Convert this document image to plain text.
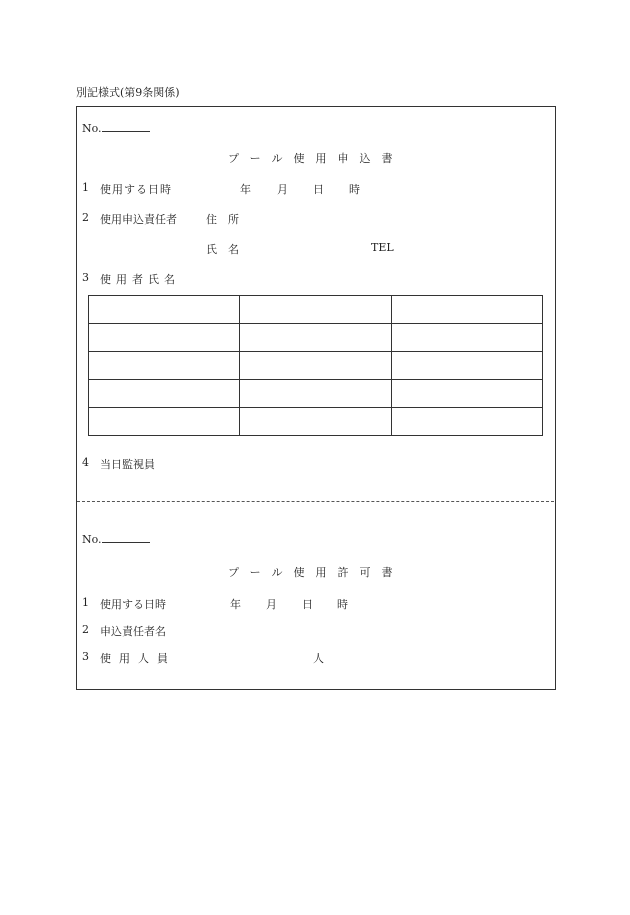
別記様式(第9条関係)
No.
プール使用申込書
1 使用する日時	年 月 日 時
2 使用申込責任者	住　所
氏　名	TEL
3 使用者氏名

4 当日監視員
No.
プール使用許可書
1 使用する日時	年 月 日 時
2 申込責任者名
3 使用人員	人
